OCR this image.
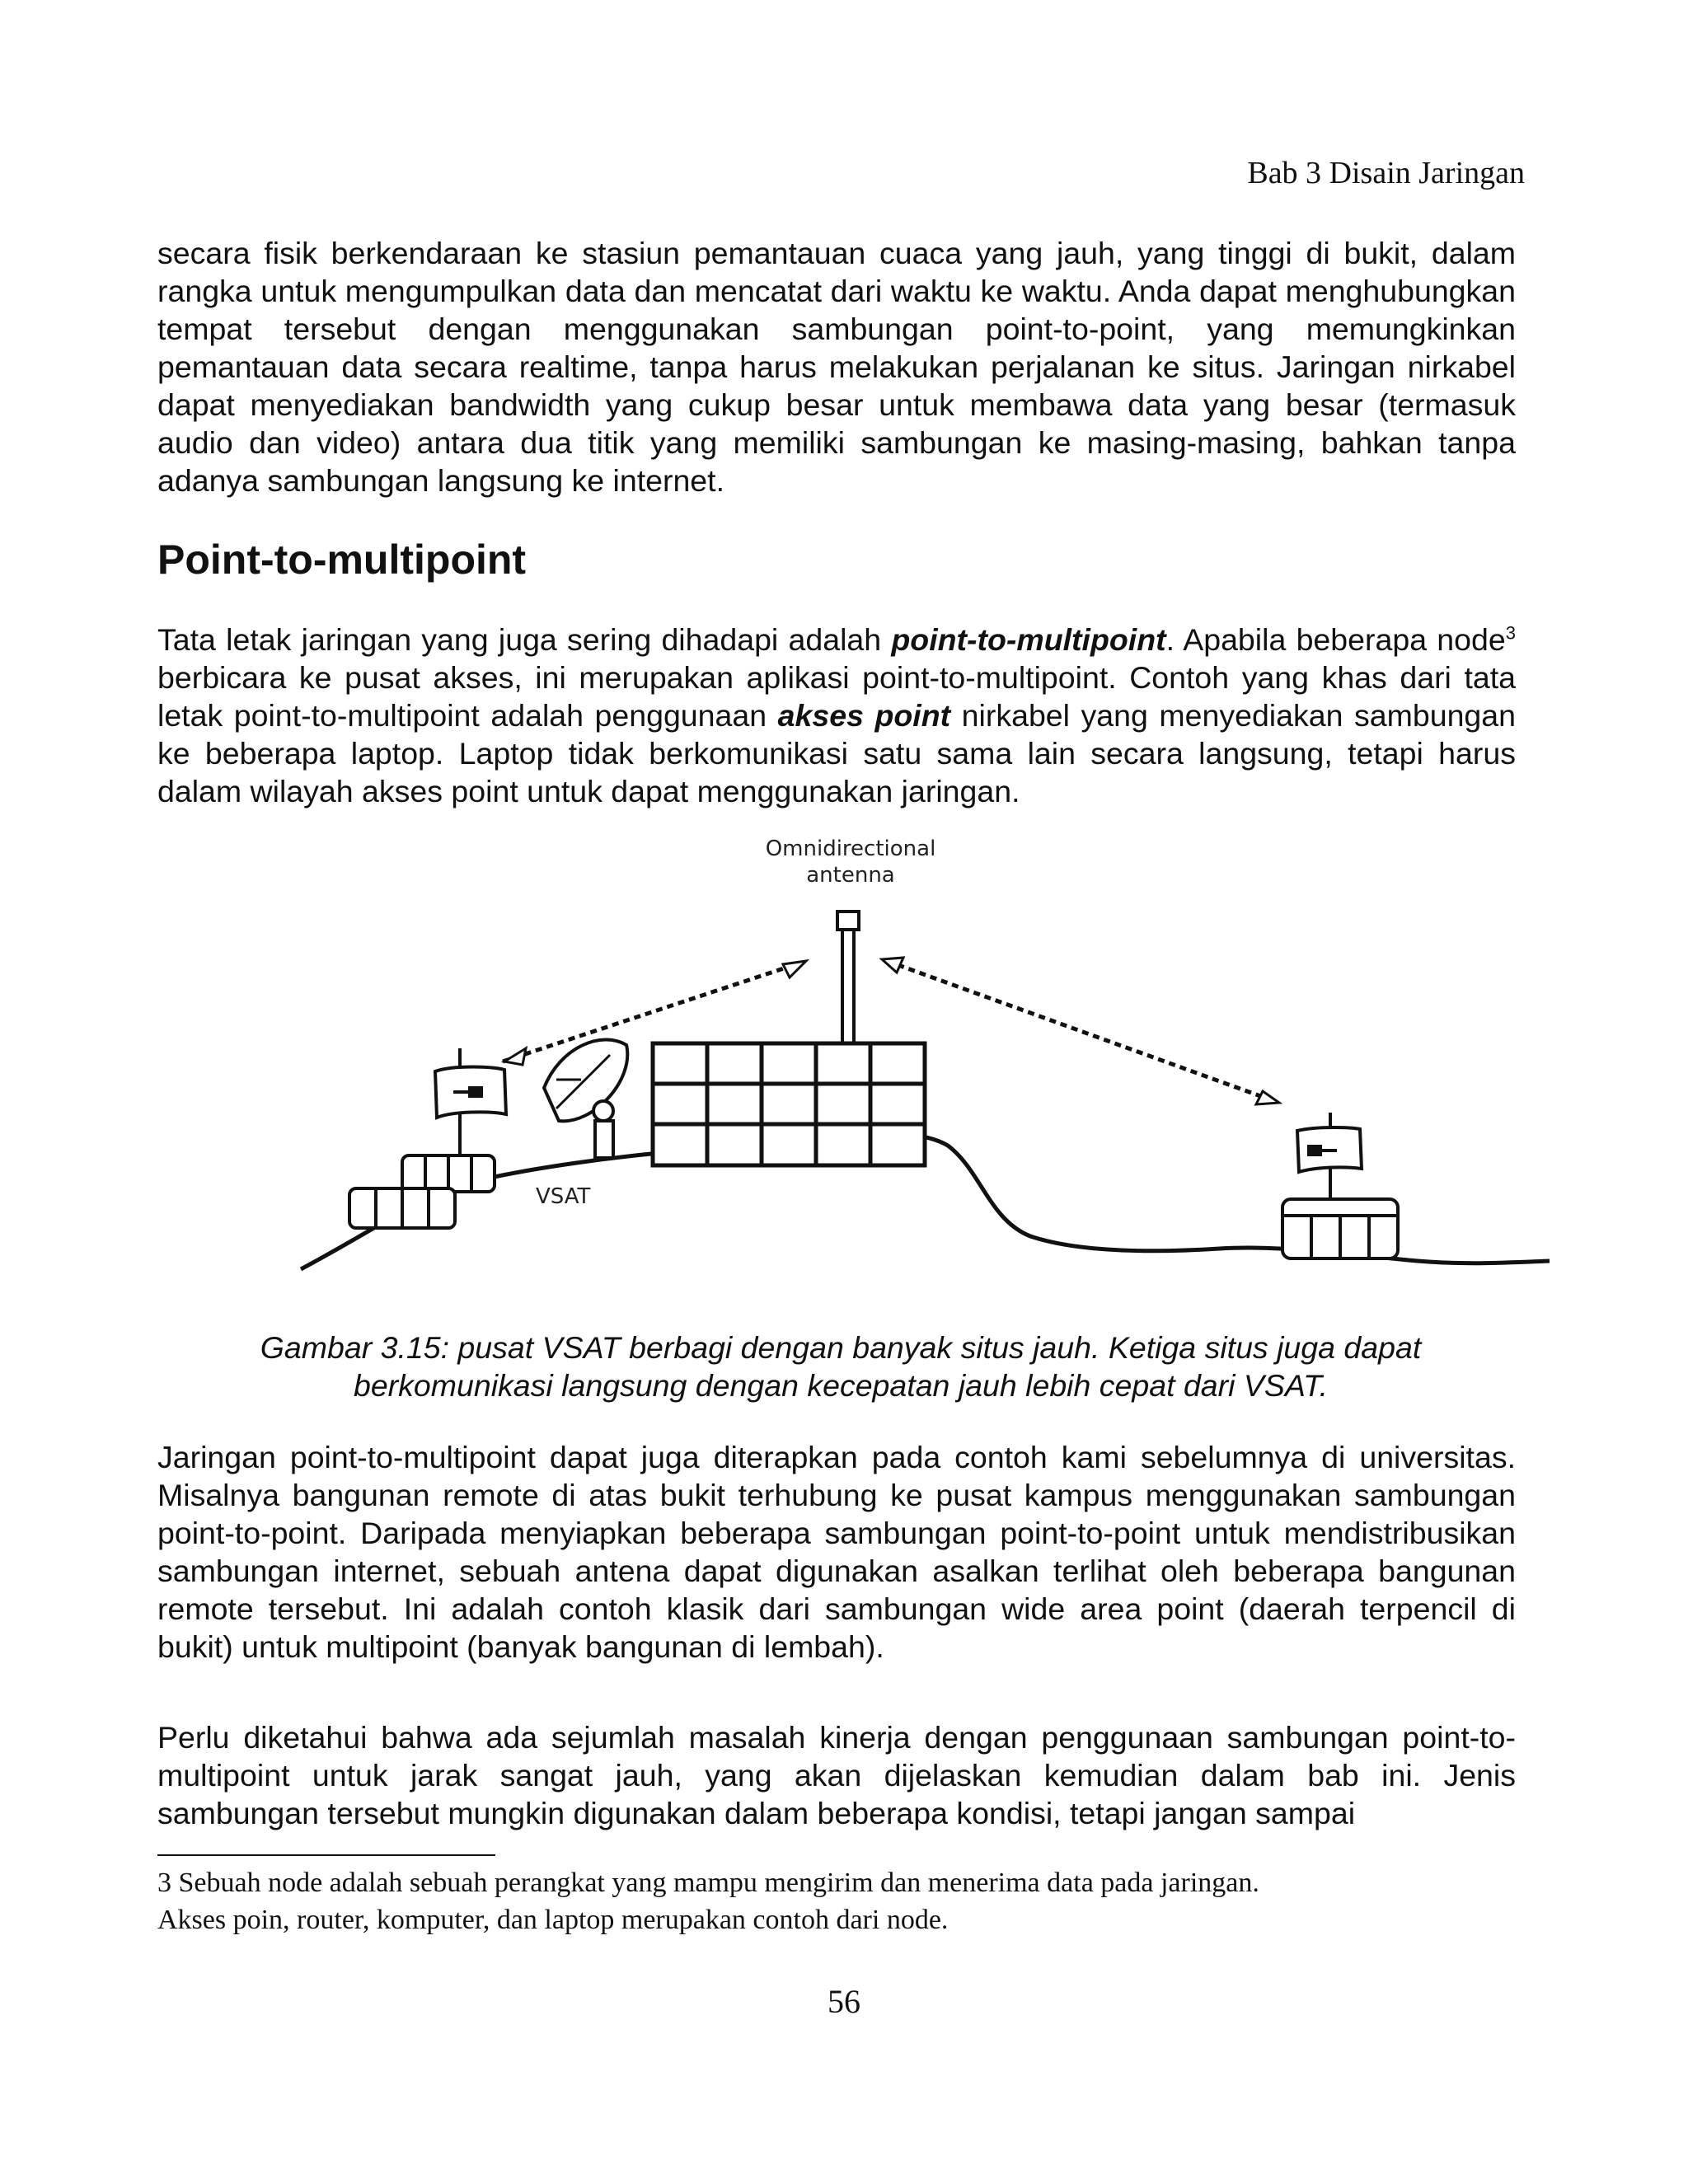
Bab 3 Disain Jaringan

secara fisik berkendaraan ke stasiun pemantauan cuaca yang jauh, yang tinggi di bukit, dalam rangka untuk mengumpulkan data dan mencatat dari waktu ke waktu. Anda dapat menghubungkan tempat tersebut dengan menggunakan sambungan point-to-point, yang memungkinkan pemantauan data secara realtime, tanpa harus melakukan perjalanan ke situs. Jaringan nirkabel dapat menyediakan bandwidth yang cukup besar untuk membawa data yang besar (termasuk audio dan video) antara dua titik yang memiliki sambungan ke masing-masing, bahkan tanpa adanya sambungan langsung ke internet.

Point-to-multipoint

Tata letak jaringan yang juga sering dihadapi adalah point-to-multipoint. Apabila beberapa node$^3$ berbicara ke pusat akses, ini merupakan aplikasi point-to-multipoint. Contoh yang khas dari tata letak point-to-multipoint adalah penggunaan akses point nirkabel yang menyediakan sambungan ke beberapa laptop. Laptop tidak berkomunikasi satu sama lain secara langsung, tetapi harus dalam wilayah akses point untuk dapat menggunakan jaringan.

Omnidirectional
antenna
VSAT

Gambar 3.15: pusat VSAT berbagi dengan banyak situs jauh. Ketiga situs juga dapat
berkomunikasi langsung dengan kecepatan jauh lebih cepat dari VSAT.

Jaringan point-to-multipoint dapat juga diterapkan pada contoh kami sebelumnya di universitas. Misalnya bangunan remote di atas bukit terhubung ke pusat kampus menggunakan sambungan point-to-point. Daripada menyiapkan beberapa sambungan point-to-point untuk mendistribusikan sambungan internet, sebuah antena dapat digunakan asalkan terlihat oleh beberapa bangunan remote tersebut. Ini adalah contoh klasik dari sambungan wide area point (daerah terpencil di bukit) untuk multipoint (banyak bangunan di lembah).

Perlu diketahui bahwa ada sejumlah masalah kinerja dengan penggunaan sambungan point-to-multipoint untuk jarak sangat jauh, yang akan dijelaskan kemudian dalam bab ini. Jenis sambungan tersebut mungkin digunakan dalam beberapa kondisi, tetapi jangan sampai

3 Sebuah node adalah sebuah perangkat yang mampu mengirim dan menerima data pada jaringan.
Akses poin, router, komputer, dan laptop merupakan contoh dari node.

56
